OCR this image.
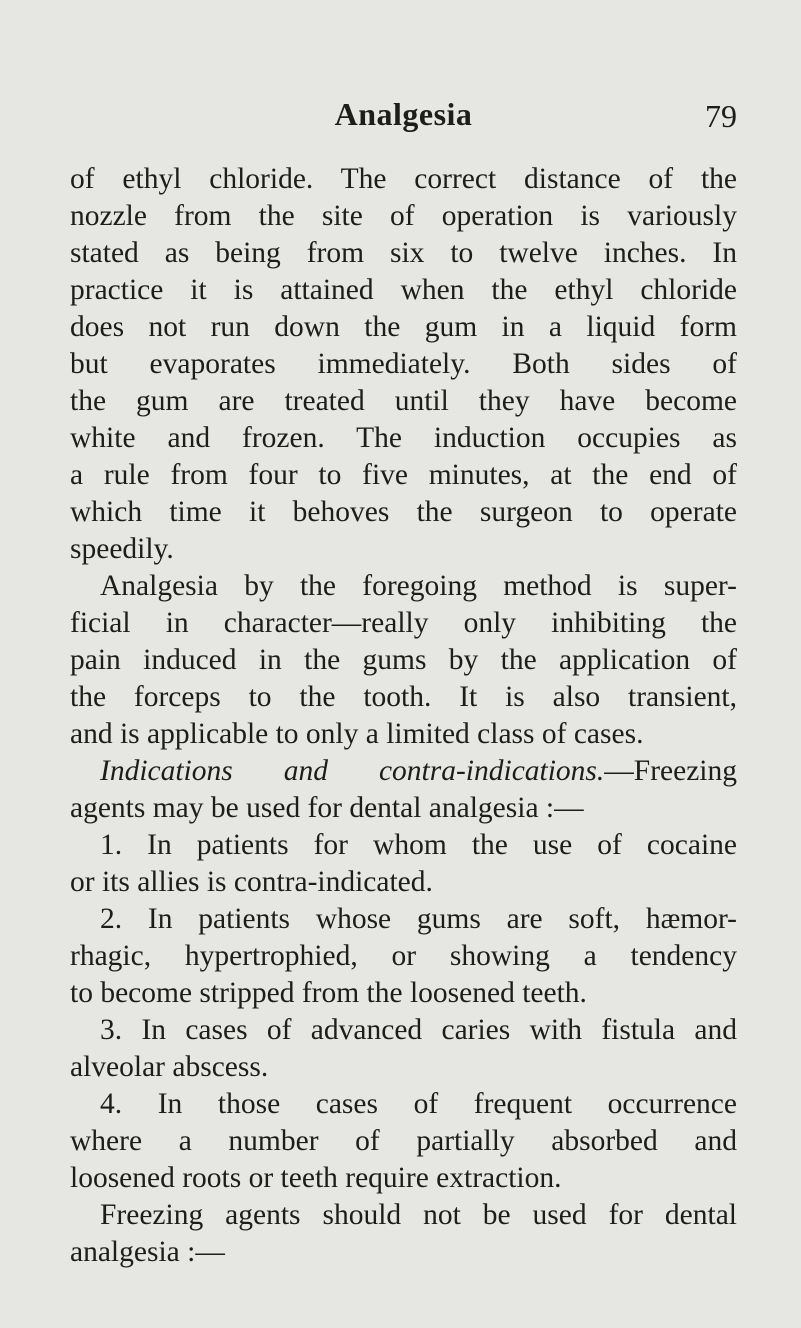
Analgesia	79
of ethyl chloride. The correct distance of the
nozzle from the site of operation is variously
stated as being from six to twelve inches. In
practice it is attained when the ethyl chloride
does not run down the gum in a liquid form
but evaporates immediately. Both sides of
the gum are treated until they have become
white and frozen. The induction occupies as
a rule from four to five minutes, at the end of
which time it behoves the surgeon to operate
speedily.
Analgesia by the foregoing method is super-
ficial in character—really only inhibiting the
pain induced in the gums by the application of
the forceps to the tooth. It is also transient,
and is applicable to only a limited class of cases.
Indications and contra-indications.—Freezing
agents may be used for dental analgesia :—
1. In patients for whom the use of cocaine
or its allies is contra-indicated.
2. In patients whose gums are soft, hæmor-
rhagic, hypertrophied, or showing a tendency
to become stripped from the loosened teeth.
3. In cases of advanced caries with fistula and
alveolar abscess.
4. In those cases of frequent occurrence
where a number of partially absorbed and
loosened roots or teeth require extraction.
Freezing agents should not be used for dental
analgesia :—
